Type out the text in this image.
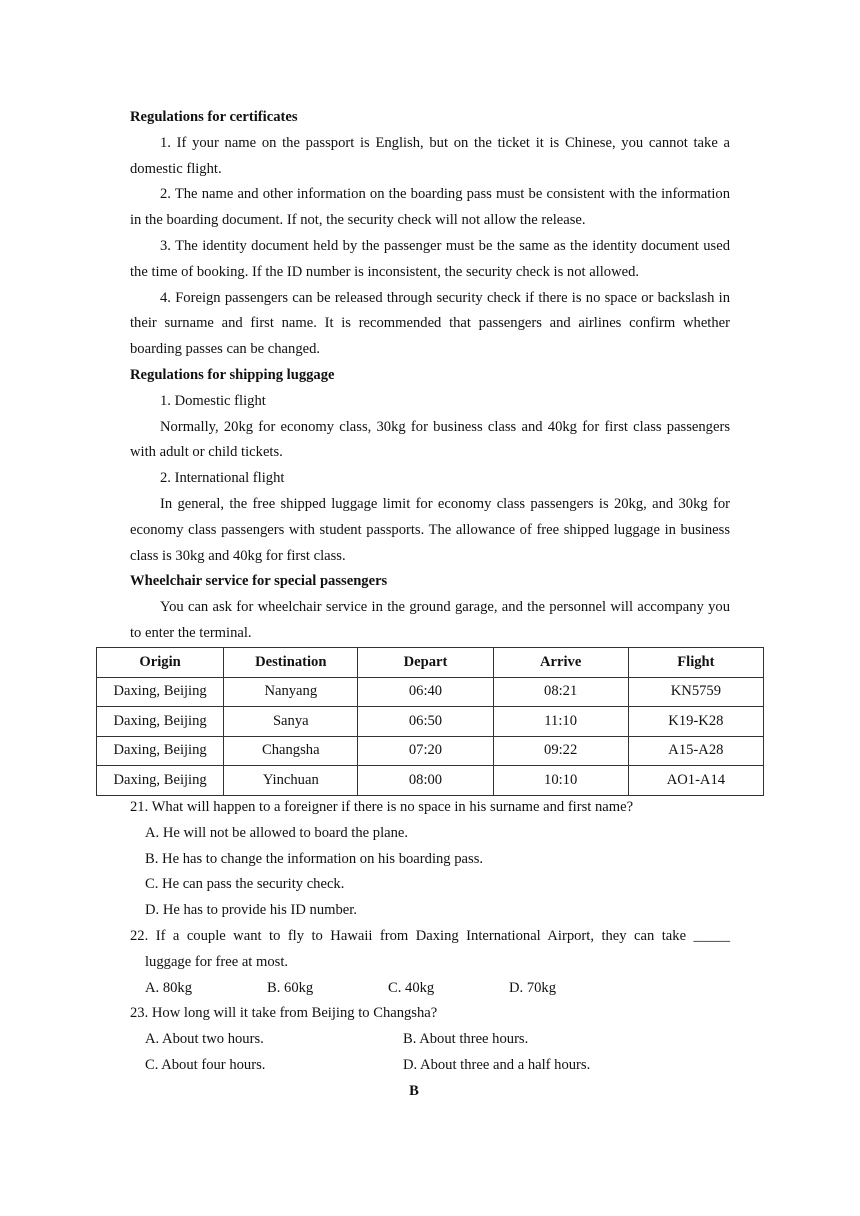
Regulations for certificates

1. If your name on the passport is English, but on the ticket it is Chinese, you cannot take a domestic flight.

2. The name and other information on the boarding pass must be consistent with the information in the boarding document. If not, the security check will not allow the release.

3. The identity document held by the passenger must be the same as the identity document used the time of booking. If the ID number is inconsistent, the security check is not allowed.

4. Foreign passengers can be released through security check if there is no space or backslash in their surname and first name. It is recommended that passengers and airlines confirm whether boarding passes can be changed.

Regulations for shipping luggage

1. Domestic flight

Normally, 20kg for economy class, 30kg for business class and 40kg for first class passengers with adult or child tickets.

2. International flight

In general, the free shipped luggage limit for economy class passengers is 20kg, and 30kg for economy class passengers with student passports. The allowance of free shipped luggage in business class is 30kg and 40kg for first class.

Wheelchair service for special passengers

You can ask for wheelchair service in the ground garage, and the personnel will accompany you to enter the terminal.

Origin	Destination	Depart	Arrive	Flight
Daxing, Beijing	Nanyang	06:40	08:21	KN5759
Daxing, Beijing	Sanya	06:50	11:10	K19-K28
Daxing, Beijing	Changsha	07:20	09:22	A15-A28
Daxing, Beijing	Yinchuan	08:00	10:10	AO1-A14

21. What will happen to a foreigner if there is no space in his surname and first name?

A. He will not be allowed to board the plane.

B. He has to change the information on his boarding pass.

C. He can pass the security check.

D. He has to provide his ID number.

22. If a couple want to fly to Hawaii from Daxing International Airport, they can take _____

luggage for free at most.

A. 80kg	B. 60kg	C. 40kg	D. 70kg

23. How long will it take from Beijing to Changsha?

A. About two hours.	B. About three hours.
C. About four hours.	D. About three and a half hours.

B
